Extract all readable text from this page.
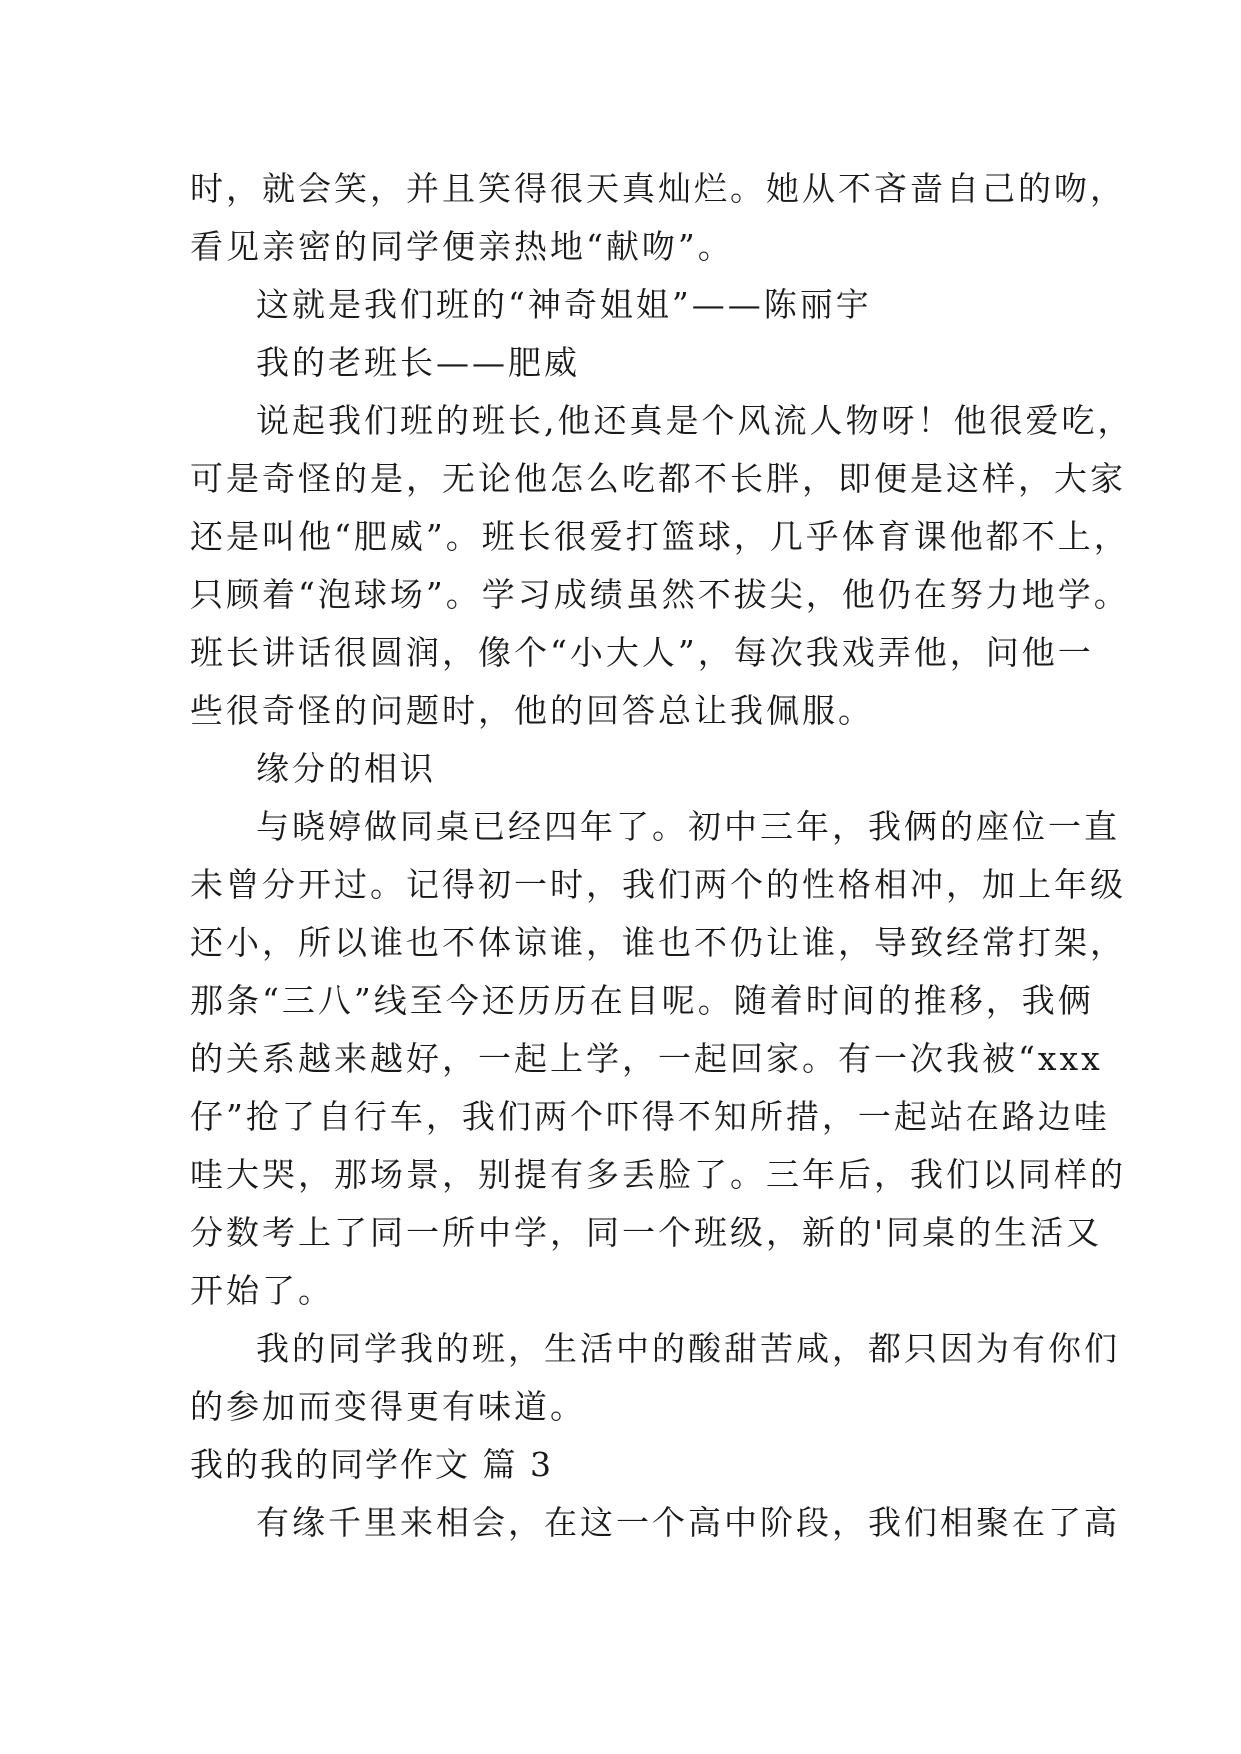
时，就会笑，并且笑得很天真灿烂。她从不吝啬自己的吻，
看见亲密的同学便亲热地“献吻”。
这就是我们班的“神奇姐姐”——陈丽宇
我的老班长——肥威
说起我们班的班长,他还真是个风流人物呀！他很爱吃，
可是奇怪的是，无论他怎么吃都不长胖，即便是这样，大家
还是叫他“肥威”。班长很爱打篮球，几乎体育课他都不上，
只顾着“泡球场”。学习成绩虽然不拔尖，他仍在努力地学。
班长讲话很圆润，像个“小大人”，每次我戏弄他，问他一
些很奇怪的问题时，他的回答总让我佩服。
缘分的相识
与晓婷做同桌已经四年了。初中三年，我俩的座位一直
未曾分开过。记得初一时，我们两个的性格相冲，加上年级
还小，所以谁也不体谅谁，谁也不仍让谁，导致经常打架，
那条“三八”线至今还历历在目呢。随着时间的推移，我俩
的关系越来越好，一起上学，一起回家。有一次我被“xxx
仔”抢了自行车，我们两个吓得不知所措，一起站在路边哇
哇大哭，那场景，别提有多丢脸了。三年后，我们以同样的
分数考上了同一所中学，同一个班级，新的'同桌的生活又
开始了。
我的同学我的班，生活中的酸甜苦咸，都只因为有你们
的参加而变得更有味道。
我的我的同学作文 篇 3
有缘千里来相会，在这一个高中阶段，我们相聚在了高
